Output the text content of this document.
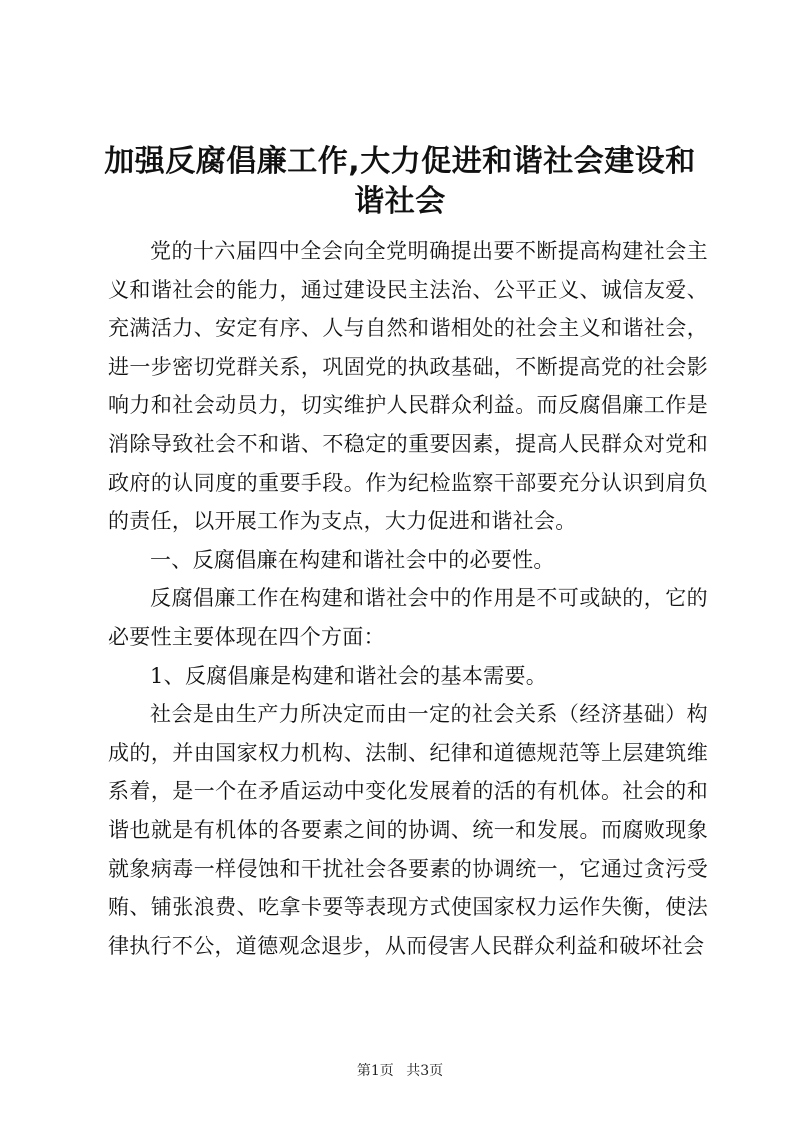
加强反腐倡廉工作,大力促进和谐社会建设和
谐社会

党的十六届四中全会向全党明确提出要不断提高构建社会主义和谐社会的能力，通过建设民主法治、公平正义、诚信友爱、充满活力、安定有序、人与自然和谐相处的社会主义和谐社会，进一步密切党群关系，巩固党的执政基础，不断提高党的社会影响力和社会动员力，切实维护人民群众利益。而反腐倡廉工作是消除导致社会不和谐、不稳定的重要因素，提高人民群众对党和政府的认同度的重要手段。作为纪检监察干部要充分认识到肩负的责任，以开展工作为支点，大力促进和谐社会。

一、反腐倡廉在构建和谐社会中的必要性。

反腐倡廉工作在构建和谐社会中的作用是不可或缺的，它的必要性主要体现在四个方面：

1、反腐倡廉是构建和谐社会的基本需要。

社会是由生产力所决定而由一定的社会关系（经济基础）构成的，并由国家权力机构、法制、纪律和道德规范等上层建筑维系着，是一个在矛盾运动中变化发展着的活的有机体。社会的和谐也就是有机体的各要素之间的协调、统一和发展。而腐败现象就象病毒一样侵蚀和干扰社会各要素的协调统一，它通过贪污受贿、铺张浪费、吃拿卡要等表现方式使国家权力运作失衡，使法律执行不公，道德观念退步，从而侵害人民群众利益和破坏社会

第1页 共3页
